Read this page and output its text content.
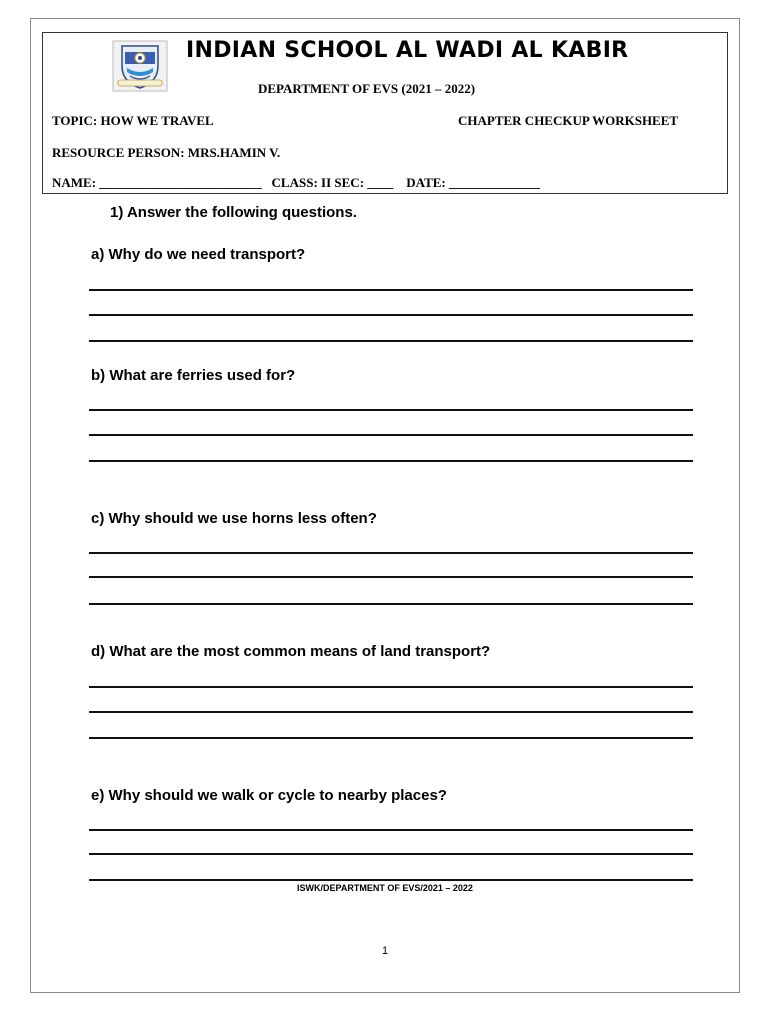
INDIAN SCHOOL AL WADI AL KABIR
DEPARTMENT OF EVS (2021 – 2022)
TOPIC: HOW WE TRAVEL	CHAPTER CHECKUP WORKSHEET
RESOURCE PERSON: MRS.HAMIN V.
NAME: _________________________   CLASS: II SEC: ____    DATE: ______________
1) Answer the following questions.
a) Why do we need transport?
b) What are ferries used for?
c) Why should we use horns less often?
d) What are the most common means of land transport?
e) Why should we walk or cycle to nearby places?
ISWK/DEPARTMENT OF EVS/2021 – 2022
1
